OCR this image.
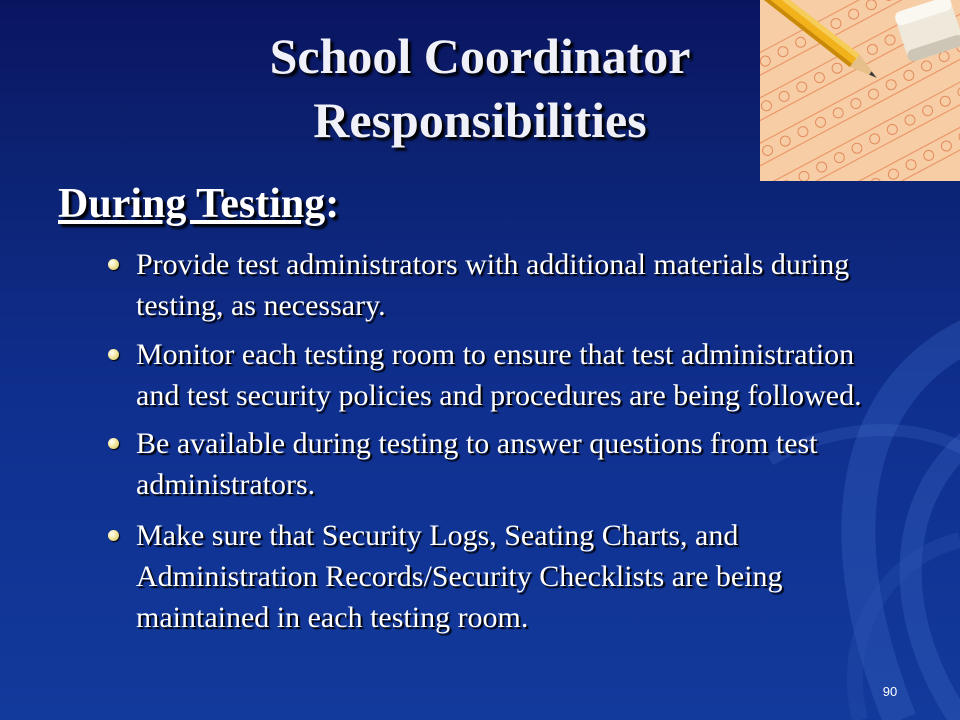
School Coordinator
Responsibilities
During Testing:
Provide test administrators with additional materials during testing, as necessary.
Monitor each testing room to ensure that test administration and test security policies and procedures are being followed.
Be available during testing to answer questions from test administrators.
Make sure that Security Logs, Seating Charts, and Administration Records/Security Checklists are being maintained in each testing room.
90
